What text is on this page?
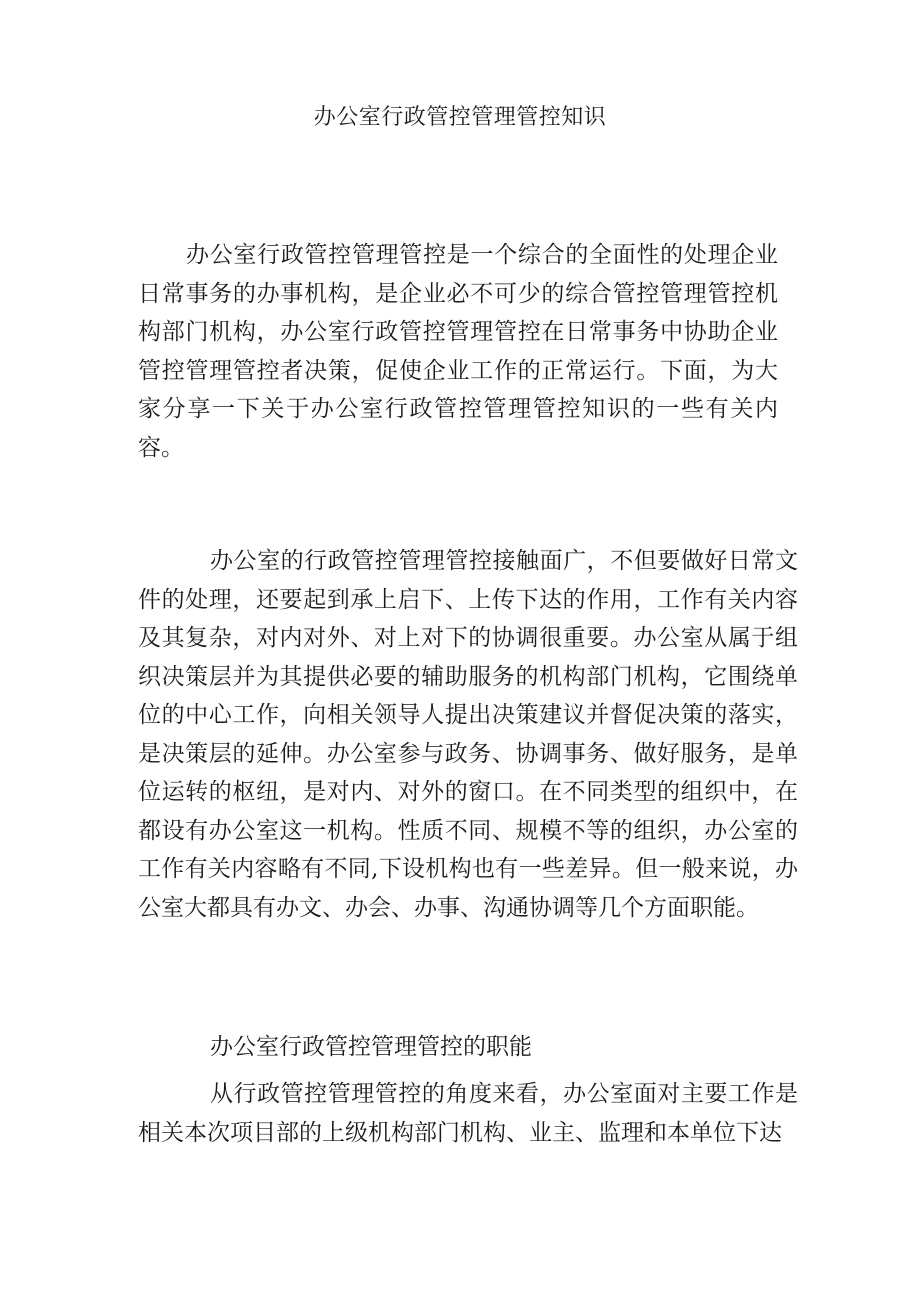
办公室行政管控管理管控知识

办公室行政管控管理管控是一个综合的全面性的处理企业日常事务的办事机构，是企业必不可少的综合管控管理管控机构部门机构，办公室行政管控管理管控在日常事务中协助企业管控管理管控者决策，促使企业工作的正常运行。下面，为大家分享一下关于办公室行政管控管理管控知识的一些有关内容。

办公室的行政管控管理管控接触面广，不但要做好日常文件的处理，还要起到承上启下、上传下达的作用，工作有关内容及其复杂，对内对外、对上对下的协调很重要。办公室从属于组织决策层并为其提供必要的辅助服务的机构部门机构，它围绕单位的中心工作，向相关领导人提出决策建议并督促决策的落实，是决策层的延伸。办公室参与政务、协调事务、做好服务，是单位运转的枢纽，是对内、对外的窗口。在不同类型的组织中，在都设有办公室这一机构。性质不同、规模不等的组织，办公室的工作有关内容略有不同,下设机构也有一些差异。但一般来说，办公室大都具有办文、办会、办事、沟通协调等几个方面职能。

办公室行政管控管理管控的职能

从行政管控管理管控的角度来看，办公室面对主要工作是相关本次项目部的上级机构部门机构、业主、监理和本单位下达
